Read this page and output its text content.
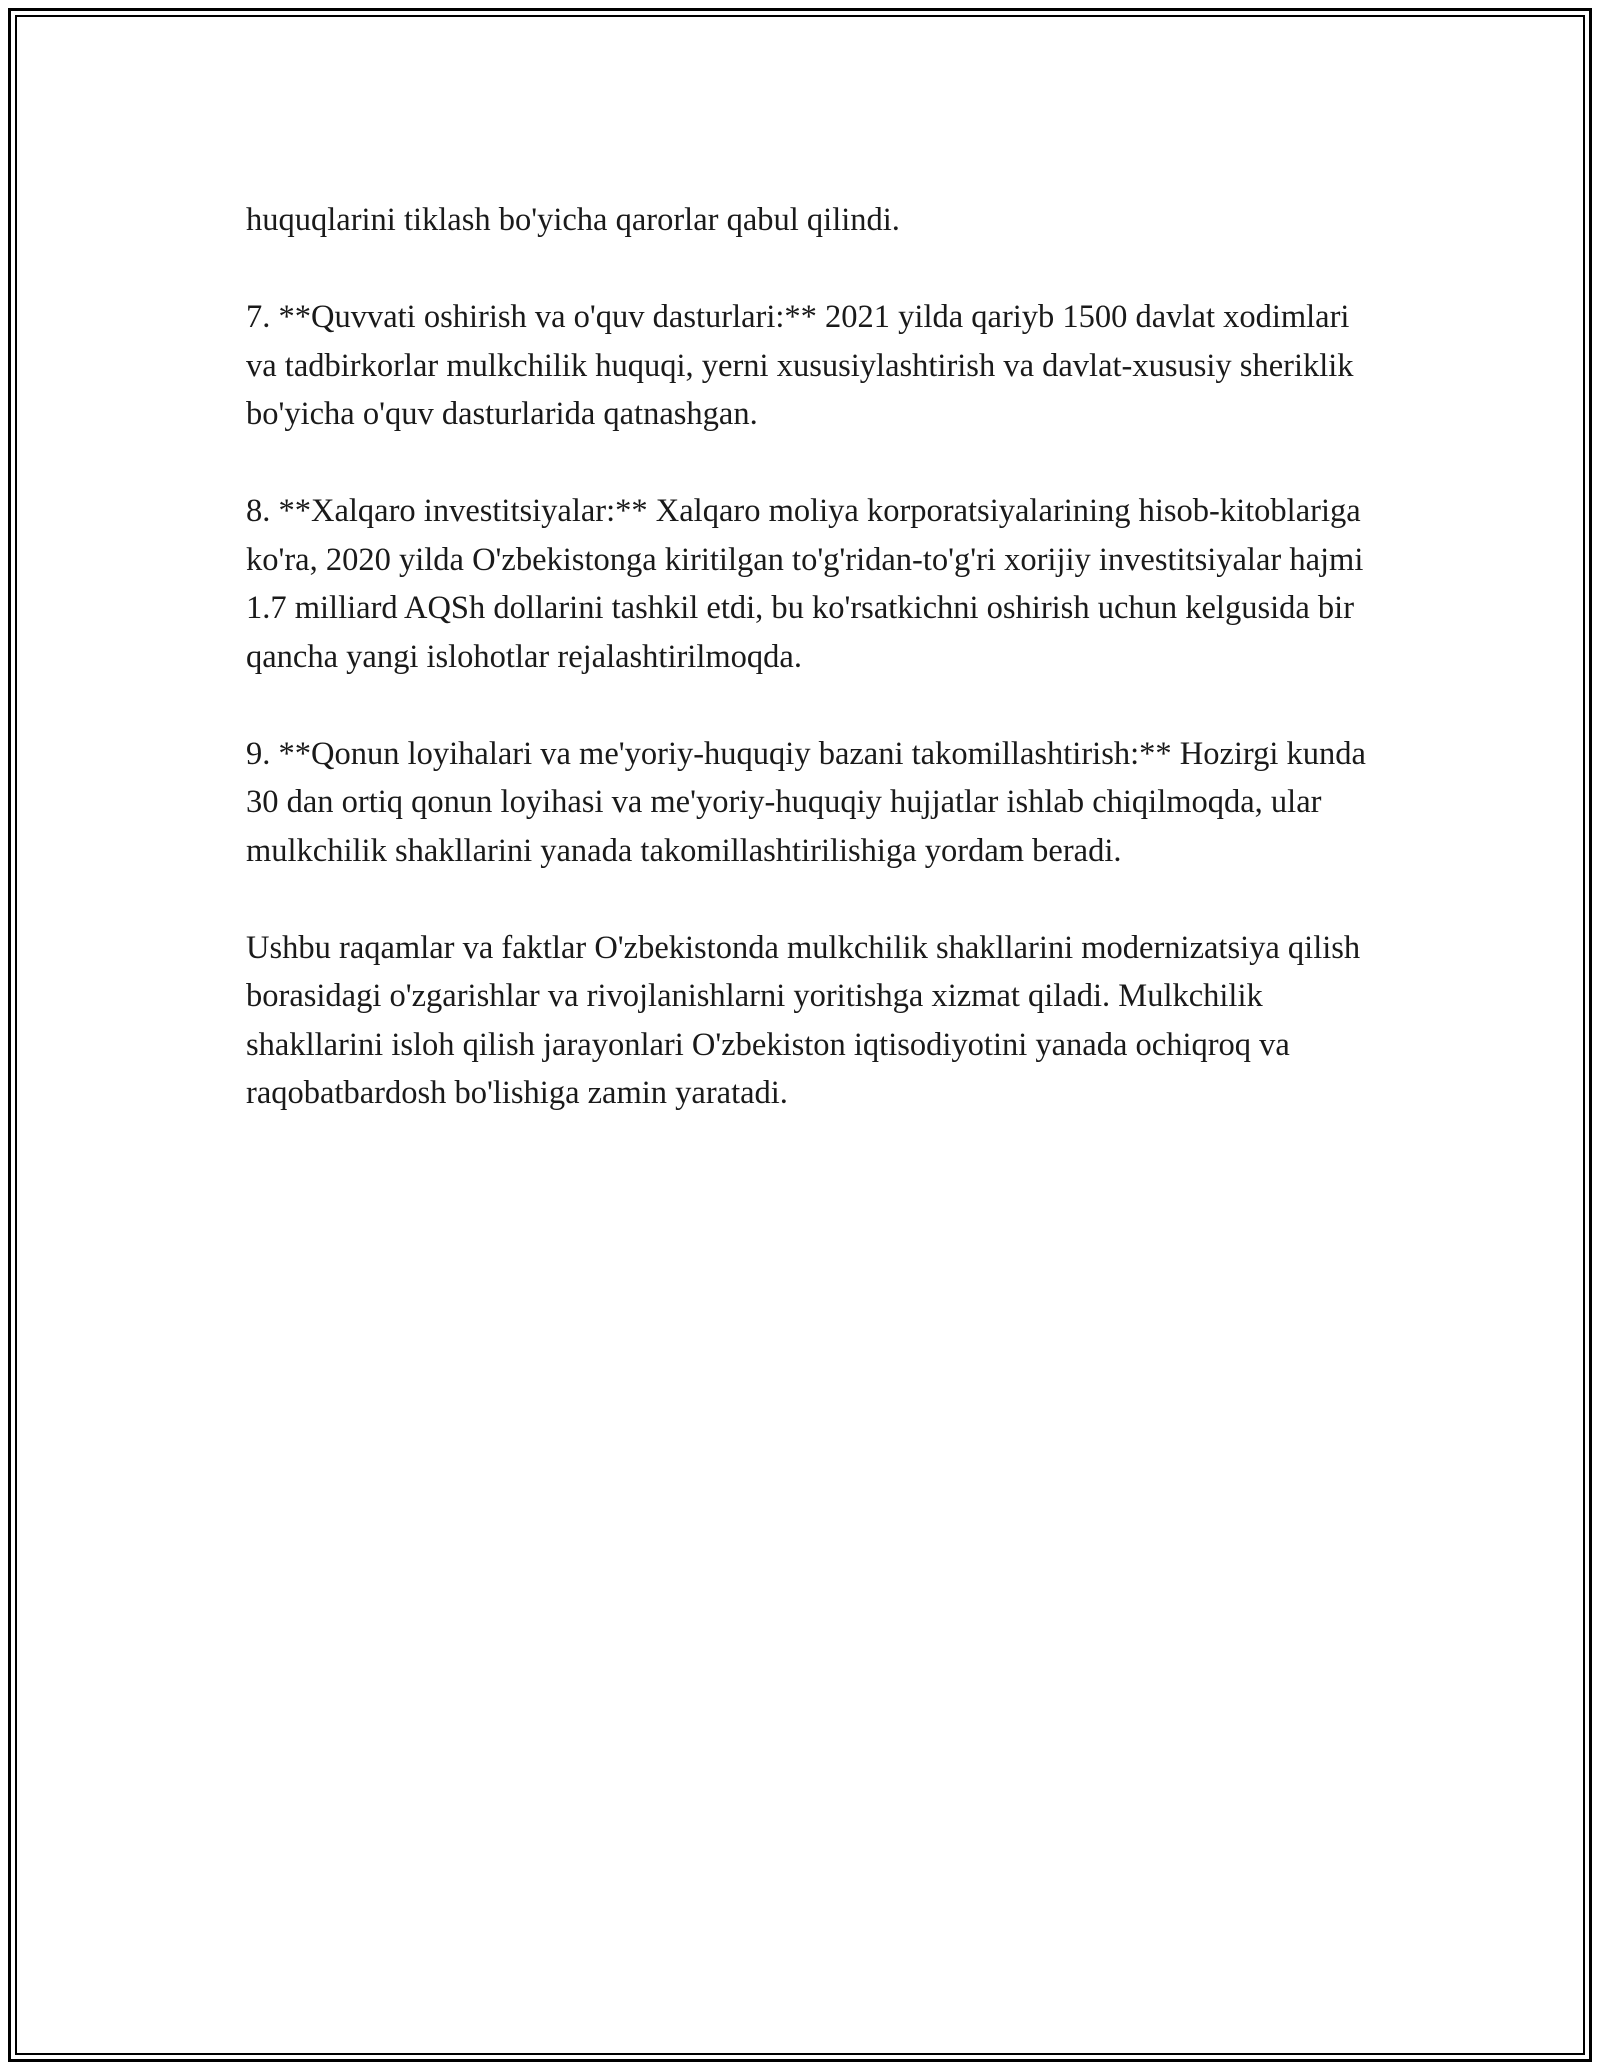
huquqlarini tiklash bo'yicha qarorlar qabul qilindi.

7. **Quvvati oshirish va o'quv dasturlari:** 2021 yilda qariyb 1500 davlat xodimlari va tadbirkorlar mulkchilik huquqi, yerni xususiylashtirish va davlat-xususiy sheriklik bo'yicha o'quv dasturlarida qatnashgan.

8. **Xalqaro investitsiyalar:** Xalqaro moliya korporatsiyalarining hisob-kitoblariga ko'ra, 2020 yilda O'zbekistonga kiritilgan to'g'ridan-to'g'ri xorijiy investitsiyalar hajmi 1.7 milliard AQSh dollarini tashkil etdi, bu ko'rsatkichni oshirish uchun kelgusida bir qancha yangi islohotlar rejalashtirilmoqda.

9. **Qonun loyihalari va me'yoriy-huquqiy bazani takomillashtirish:** Hozirgi kunda 30 dan ortiq qonun loyihasi va me'yoriy-huquqiy hujjatlar ishlab chiqilmoqda, ular mulkchilik shakllarini yanada takomillashtirilishiga yordam beradi.

Ushbu raqamlar va faktlar O'zbekistonda mulkchilik shakllarini modernizatsiya qilish borasidagi o'zgarishlar va rivojlanishlarni yoritishga xizmat qiladi. Mulkchilik shakllarini isloh qilish jarayonlari O'zbekiston iqtisodiyotini yanada ochiqroq va raqobatbardosh bo'lishiga zamin yaratadi.
